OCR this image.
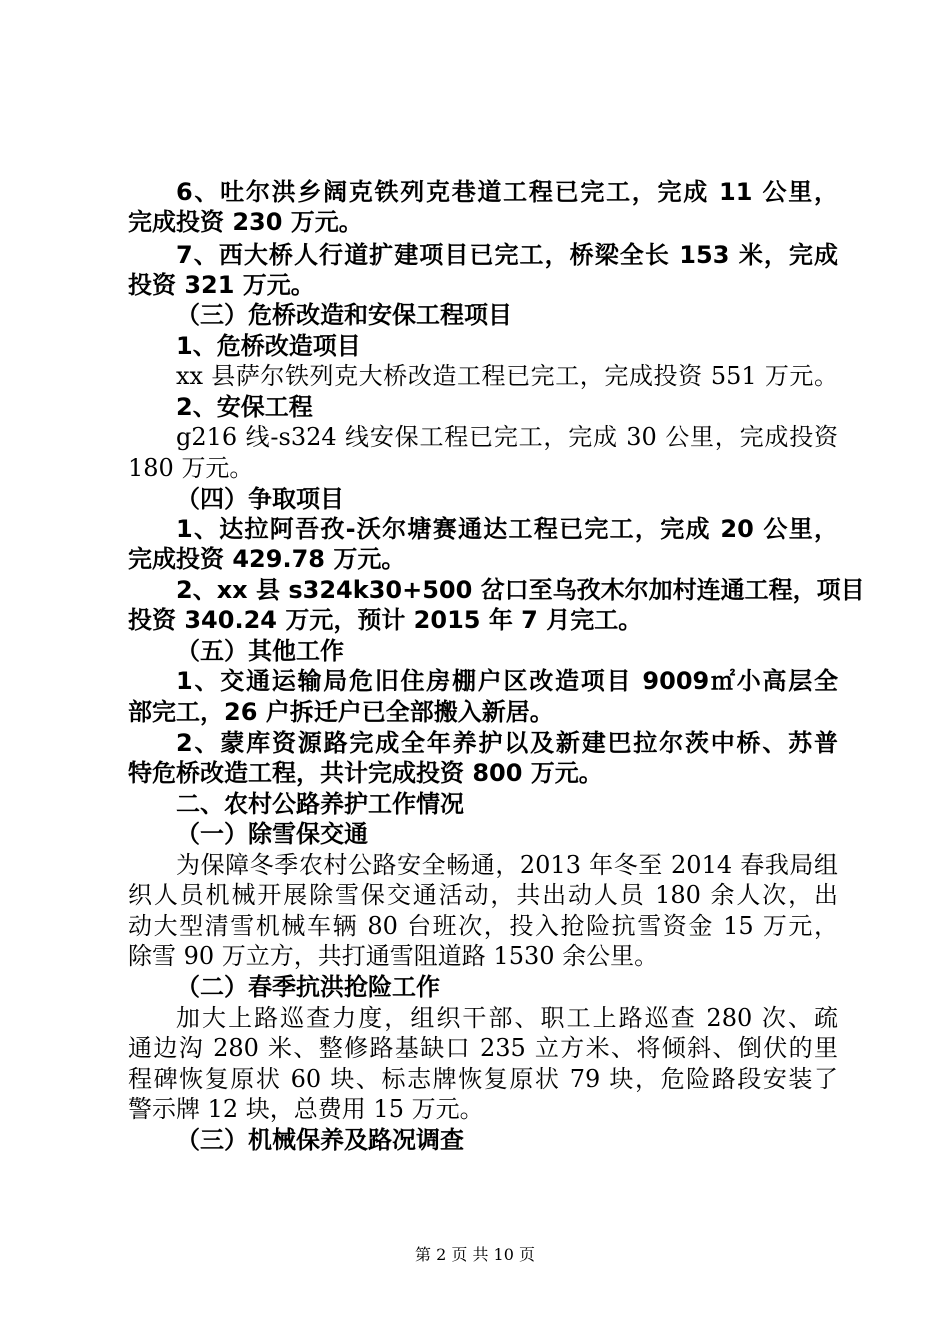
6、吐尔洪乡阔克铁列克巷道工程已完工，完成 11 公里，
完成投资 230 万元。
7、西大桥人行道扩建项目已完工，桥梁全长 153 米，完成
投资 321 万元。
（三）危桥改造和安保工程项目
1、危桥改造项目
xx 县萨尔铁列克大桥改造工程已完工，完成投资 551 万元。
2、安保工程
g216 线-s324 线安保工程已完工，完成 30 公里，完成投资
180 万元。
（四）争取项目
1、达拉阿吾孜-沃尔塘赛通达工程已完工，完成 20 公里，
完成投资 429.78 万元。
2、xx 县 s324k30+500 岔口至乌孜木尔加村连通工程，项目
投资 340.24 万元，预计 2015 年 7 月完工。
（五）其他工作
1、交通运输局危旧住房棚户区改造项目 9009㎡小高层全
部完工，26 户拆迁户已全部搬入新居。
2、蒙库资源路完成全年养护以及新建巴拉尔茨中桥、苏普
特危桥改造工程，共计完成投资 800 万元。
二、农村公路养护工作情况
（一）除雪保交通
为保障冬季农村公路安全畅通，2013 年冬至 2014 春我局组
织人员机械开展除雪保交通活动，共出动人员 180 余人次，出
动大型清雪机械车辆 80 台班次，投入抢险抗雪资金 15 万元，
除雪 90 万立方，共打通雪阻道路 1530 余公里。
（二）春季抗洪抢险工作
加大上路巡查力度，组织干部、职工上路巡查 280 次、疏
通边沟 280 米、整修路基缺口 235 立方米、将倾斜、倒伏的里
程碑恢复原状 60 块、标志牌恢复原状 79 块，危险路段安装了
警示牌 12 块，总费用 15 万元。
（三）机械保养及路况调查
第 2 页 共 10 页
